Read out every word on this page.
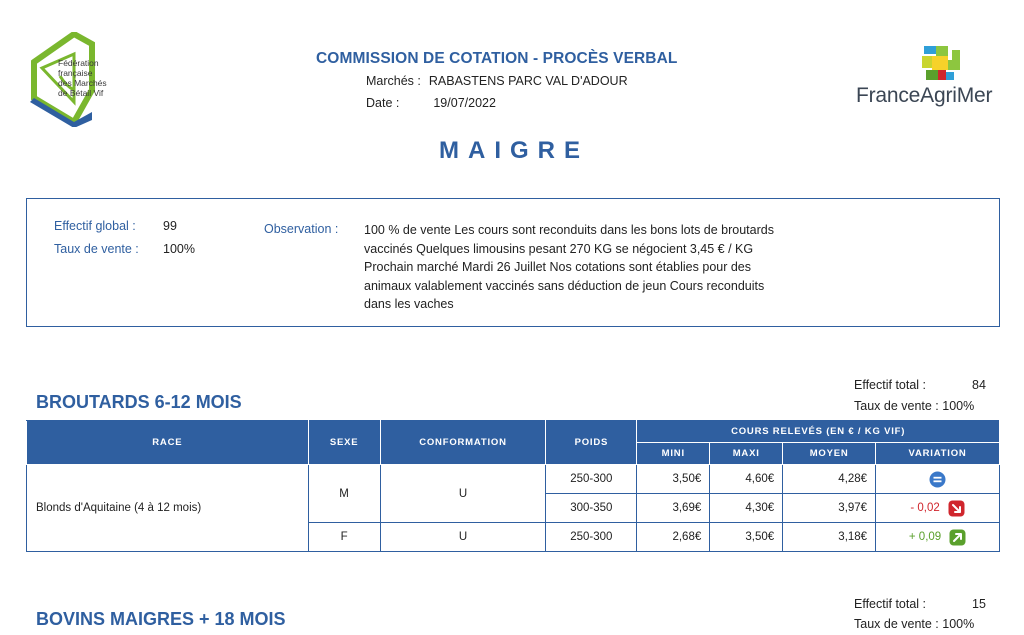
Fédération
française
des Marchés
de Bétail Vif
COMMISSION DE COTATION - PROCÈS VERBAL
Marchés : RABASTENS PARC VAL D'ADOUR
Date :	19/07/2022	FranceAgriMer
MAIGRE
Effectif global : 99
Taux de vente : 100%
Observation : 100 % de vente Les cours sont reconduits dans les bons lots de broutards vaccinés Quelques limousins pesant 270 KG se négocient 3,45 € / KG Prochain marché Mardi 26 Juillet Nos cotations sont établies pour des animaux valablement vaccinés sans déduction de jeun Cours reconduits dans les vaches
BROUTARDS 6-12 MOIS
Effectif total :	84
Taux de vente : 100%
RACE	SEXE	CONFORMATION	POIDS	COURS RELEVÉS (EN € / KG VIF)			
				MINI	MAXI	MOYEN	VARIATION
Blonds d'Aquitaine (4 à 12 mois)	M	U	250-300	3,50€	4,60€	4,28€	
			300-350	3,69€	4,30€	3,97€	- 0,02

	F	U	250-300	2,68€	3,50€	3,18€	+ 0,09
BOVINS MAIGRES + 18 MOIS
Effectif total :	15
Taux de vente : 100%
